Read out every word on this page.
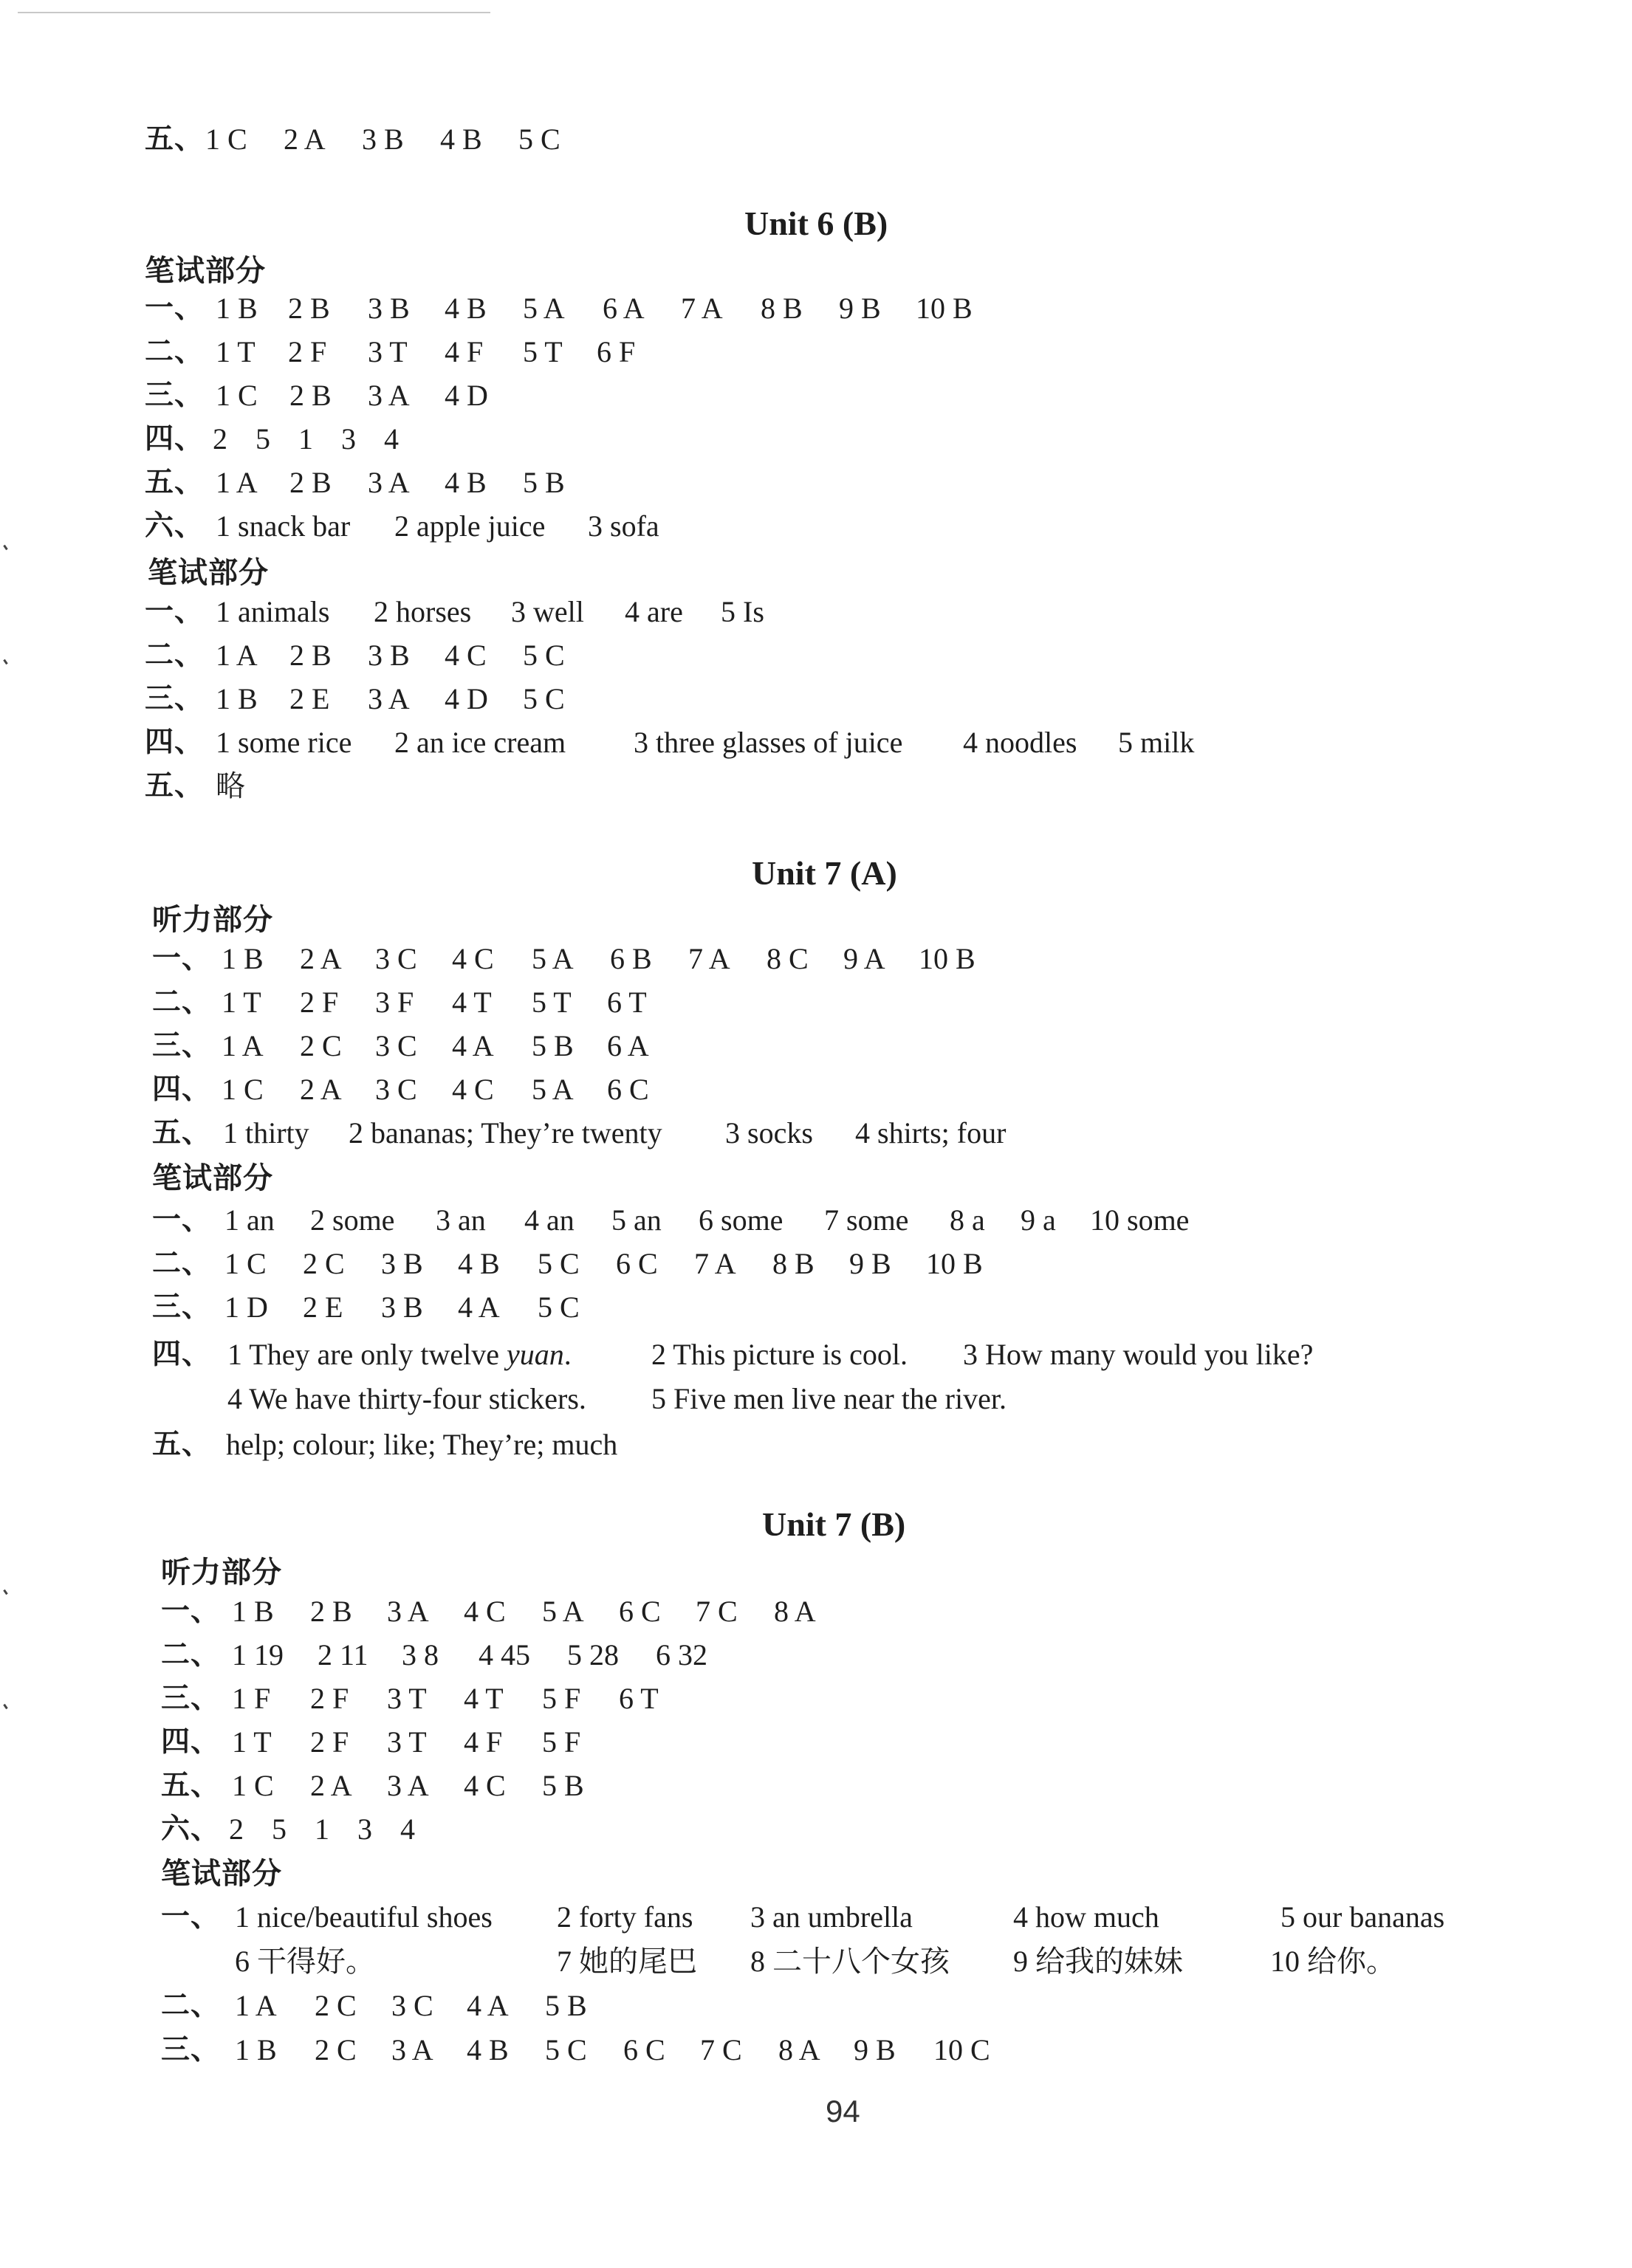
五、 1 C 2 A 3 B 4 B 5 C
Unit 6 (B)
笔试部分
一、 1 B 2 B 3 B 4 B 5 A 6 A 7 A 8 B 9 B 10 B
二、 1 T 2 F 3 T 4 F 5 T 6 F
三、 1 C 2 B 3 A 4 D
四、 2 5 1 3 4
五、 1 A 2 B 3 A 4 B 5 B
六、 1 snack bar 2 apple juice 3 sofa
笔试部分
一、 1 animals 2 horses 3 well 4 are 5 Is
二、 1 A 2 B 3 B 4 C 5 C
三、 1 B 2 E 3 A 4 D 5 C
四、 1 some rice 2 an ice cream 3 three glasses of juice 4 noodles 5 milk
五、 略
Unit 7 (A)
听力部分
一、 1 B 2 A 3 C 4 C 5 A 6 B 7 A 8 C 9 A 10 B
二、 1 T 2 F 3 F 4 T 5 T 6 T
三、 1 A 2 C 3 C 4 A 5 B 6 A
四、 1 C 2 A 3 C 4 C 5 A 6 C
五、 1 thirty 2 bananas; They’re twenty 3 socks 4 shirts; four
笔试部分
一、 1 an 2 some 3 an 4 an 5 an 6 some 7 some 8 a 9 a 10 some
二、 1 C 2 C 3 B 4 B 5 C 6 C 7 A 8 B 9 B 10 B
三、 1 D 2 E 3 B 4 A 5 C
四、 1 They are only twelve yuan.	2 This picture is cool. 3 How many would you like?
4 We have thirty-four stickers. 5 Five men live near the river.
五、 help; colour; like; They’re; much
Unit 7 (B)
听力部分
一、 1 B 2 B 3 A 4 C 5 A 6 C 7 C 8 A
二、 1 19 2 11 3 8 4 45 5 28 6 32
三、 1 F 2 F 3 T 4 T 5 F 6 T
四、 1 T 2 F 3 T 4 F 5 F
五、 1 C 2 A 3 A 4 C 5 B
六、 2 5 1 3 4
笔试部分
一、 1 nice/beautiful shoes 2 forty fans 3 an umbrella	4 how much	5 our bananas
6 干得好。	7 她的尾巴 8 二十八个女孩 9 给我的妹妹	10 给你。
二、 1 A 2 C 3 C 4 A 5 B
三、 1 B 2 C 3 A 4 B 5 C 6 C 7 C 8 A 9 B 10 C
94
